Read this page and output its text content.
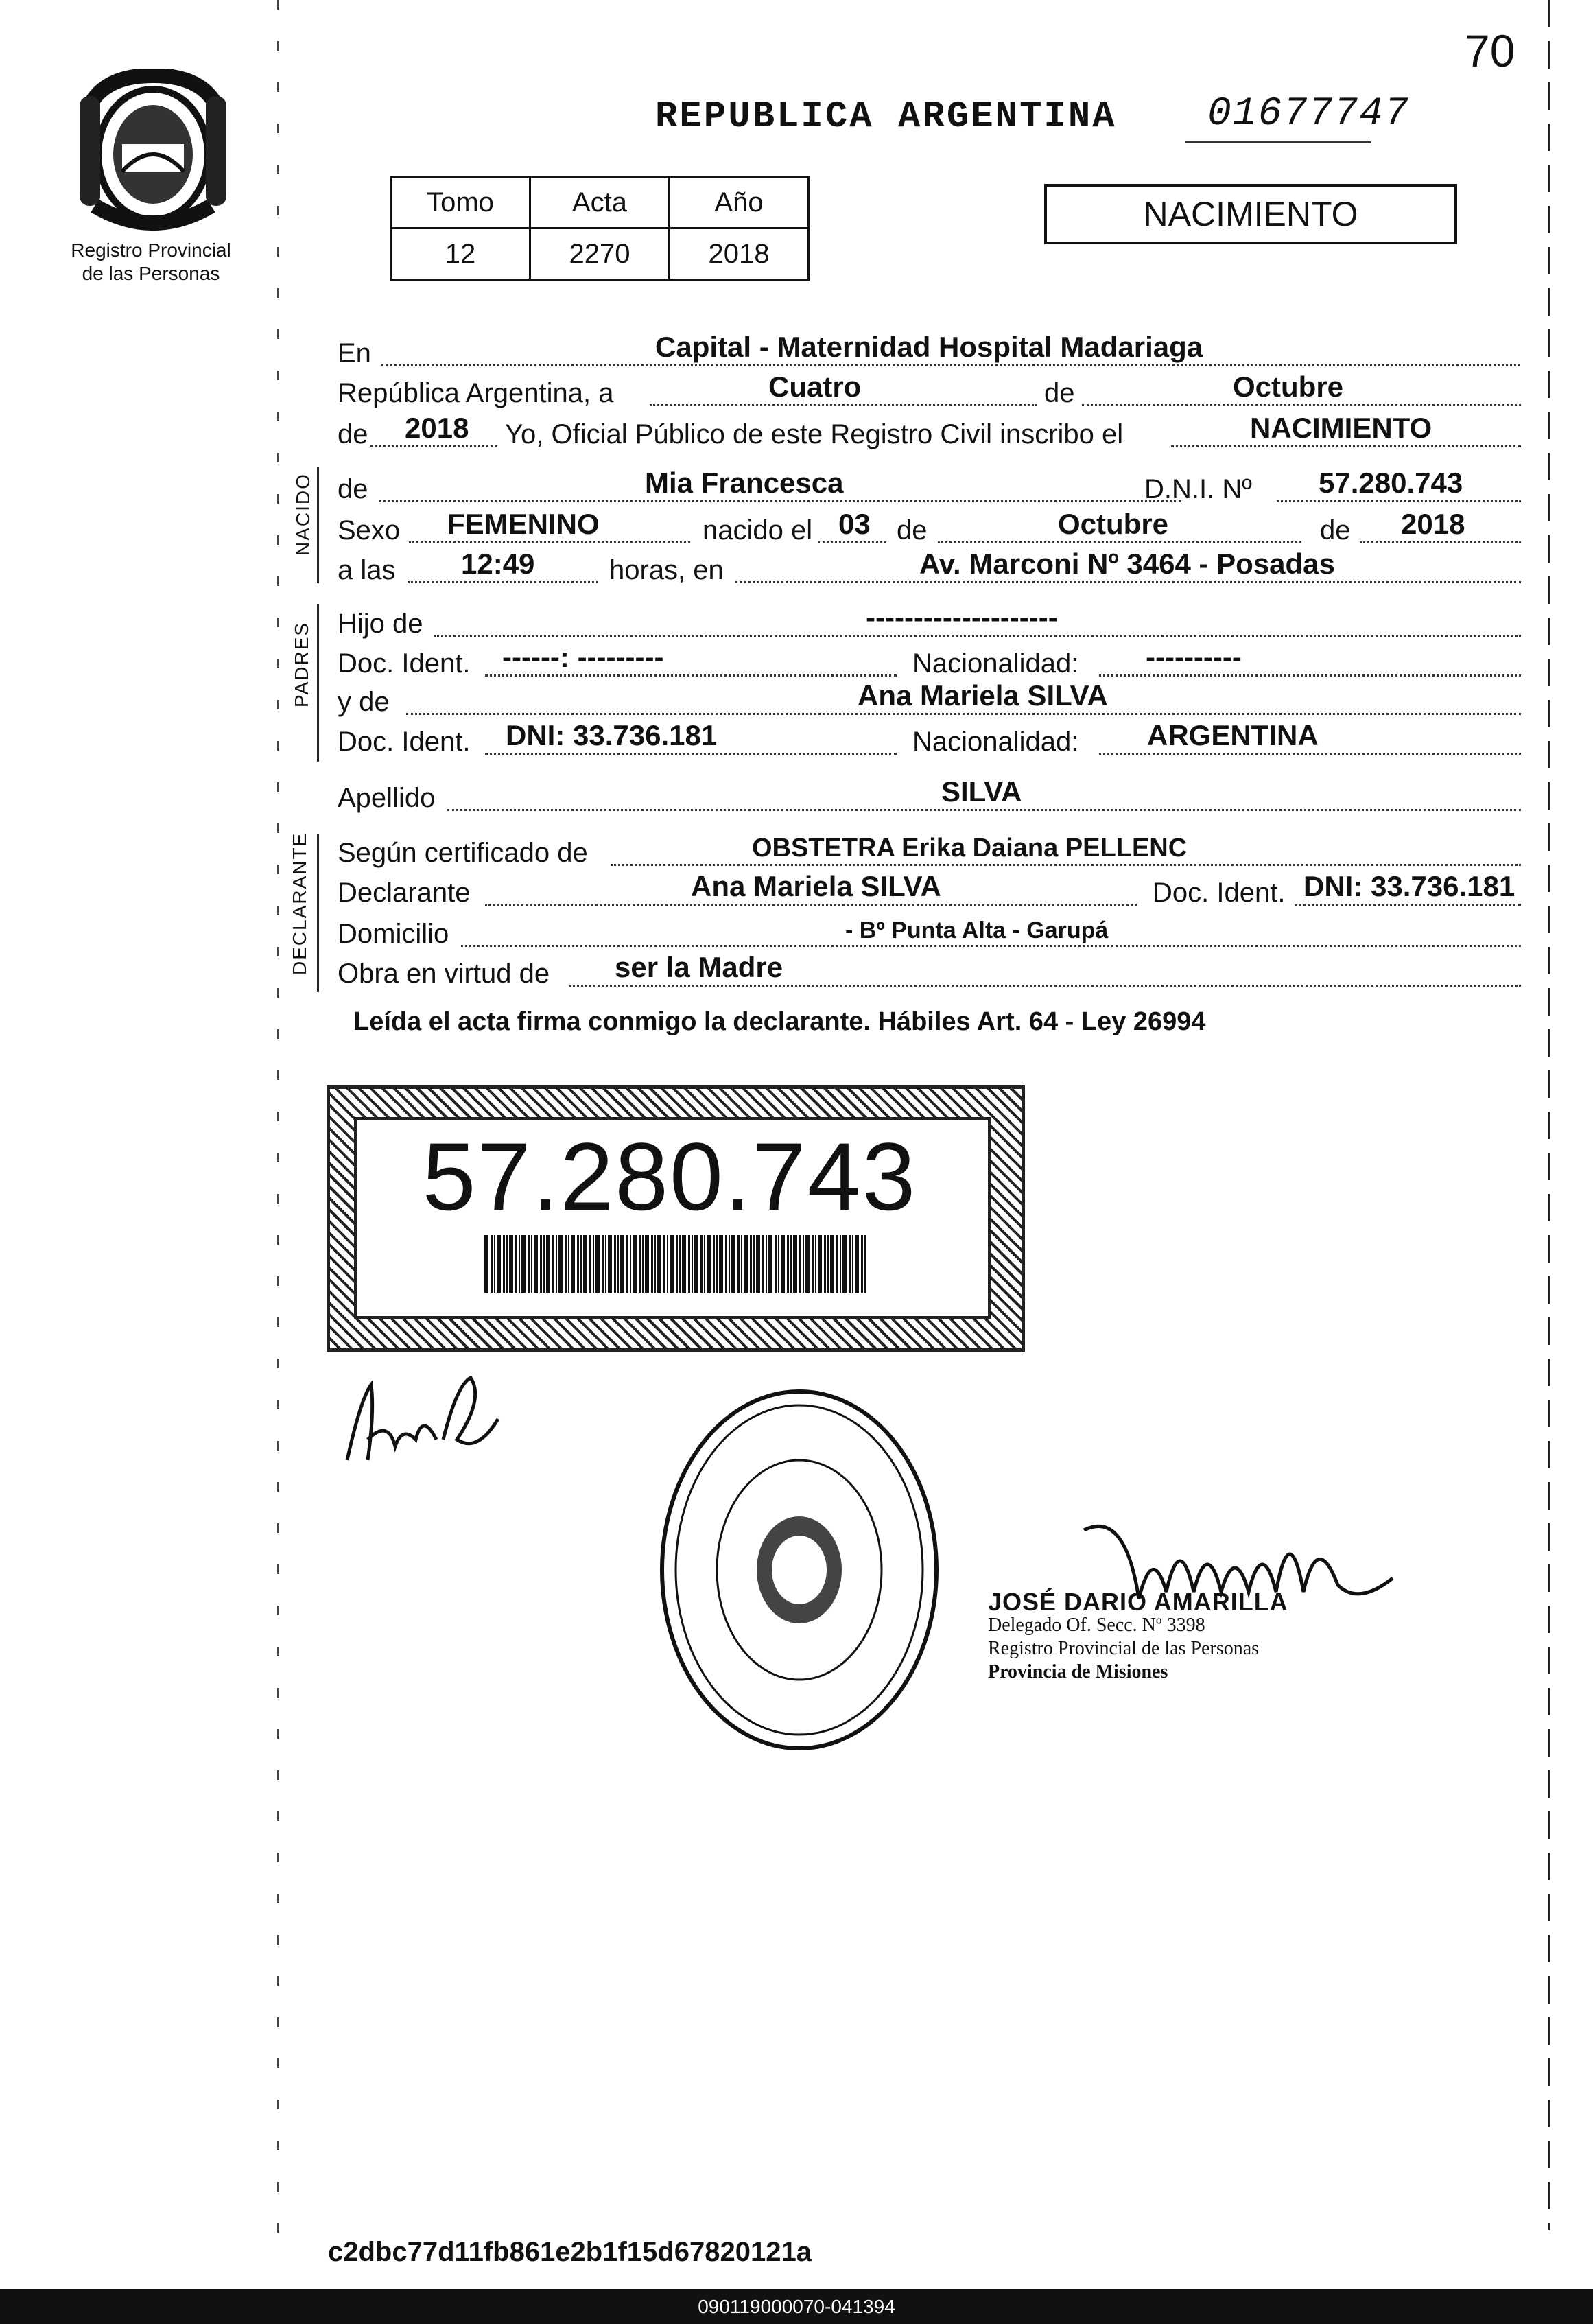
70
REPUBLICA ARGENTINA 01677747
Registro Provincial
de las Personas
Tomo	Acta	Año
12	2270	2018
NACIMIENTO
En	Capital - Maternidad Hospital Madariaga
República Argentina, a	Cuatro	de	Octubre
de 2018 Yo, Oficial Público de este Registro Civil inscribo el	NACIMIENTO
NACIDO de	Mia Francesca	D.N.I. Nº 57.280.743
Sexo FEMENINO	nacido el 03 de	Octubre	de 2018
a las 12:49	horas, en	Av. Marconi Nº 3464 - Posadas
PADRES Hijo de	--------------------
Doc. Ident. ------: ---------	Nacionalidad: ----------
y de	Ana Mariela SILVA
Doc. Ident. DNI: 33.736.181	Nacionalidad: ARGENTINA
Apellido	SILVA
DECLARANTE Según certificado de	OBSTETRA Erika Daiana PELLENC
Declarante	Ana Mariela SILVA	Doc. Ident. DNI: 33.736.181
Domicilio	- Bº Punta Alta - Garupá
Obra en virtud de ser la Madre
Leída el acta firma conmigo la declarante. Hábiles Art. 64 - Ley 26994
57.280.743
JOSÉ DARIO AMARILLA
Delegado Of. Secc. Nº 3398
Registro Provincial de las Personas
Provincia de Misiones
c2dbc77d11fb861e2b1f15d67820121a
090119000070-041394
